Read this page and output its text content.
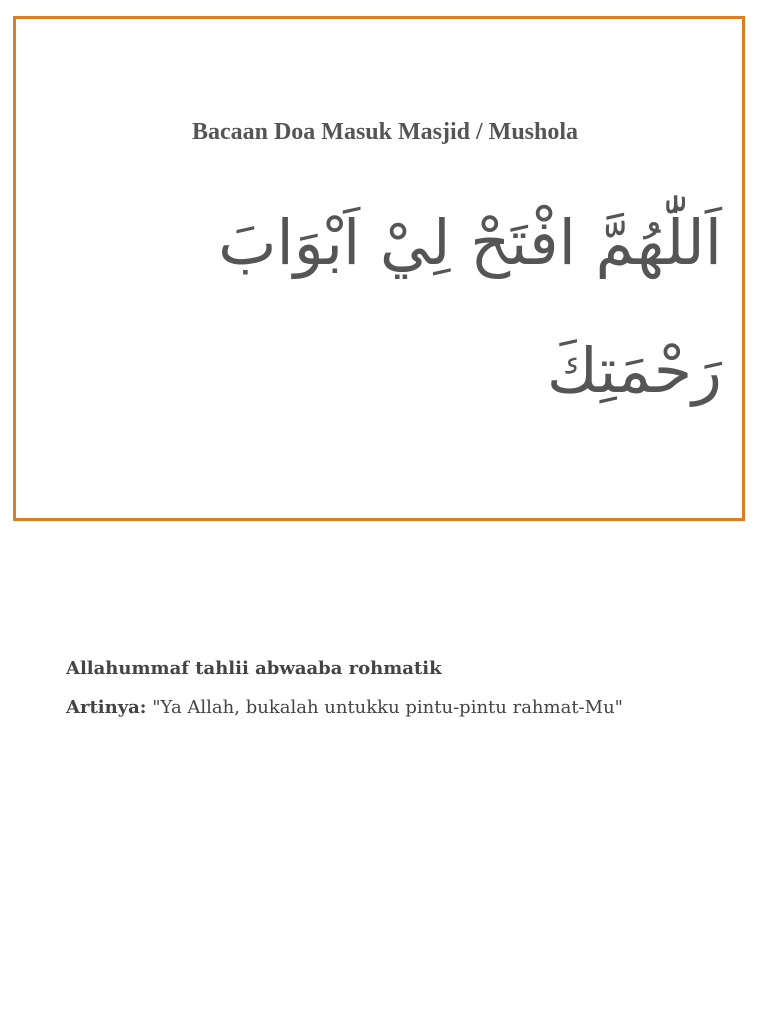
Bacaan Doa Masuk Masjid / Mushola

اَللّٰهُمَّ افْتَحْ لِيْ اَبْوَابَ رَحْمَتِكَ

Allahummaf tahlii abwaaba rohmatik

Artinya: "Ya Allah, bukalah untukku pintu-pintu rahmat-Mu"
